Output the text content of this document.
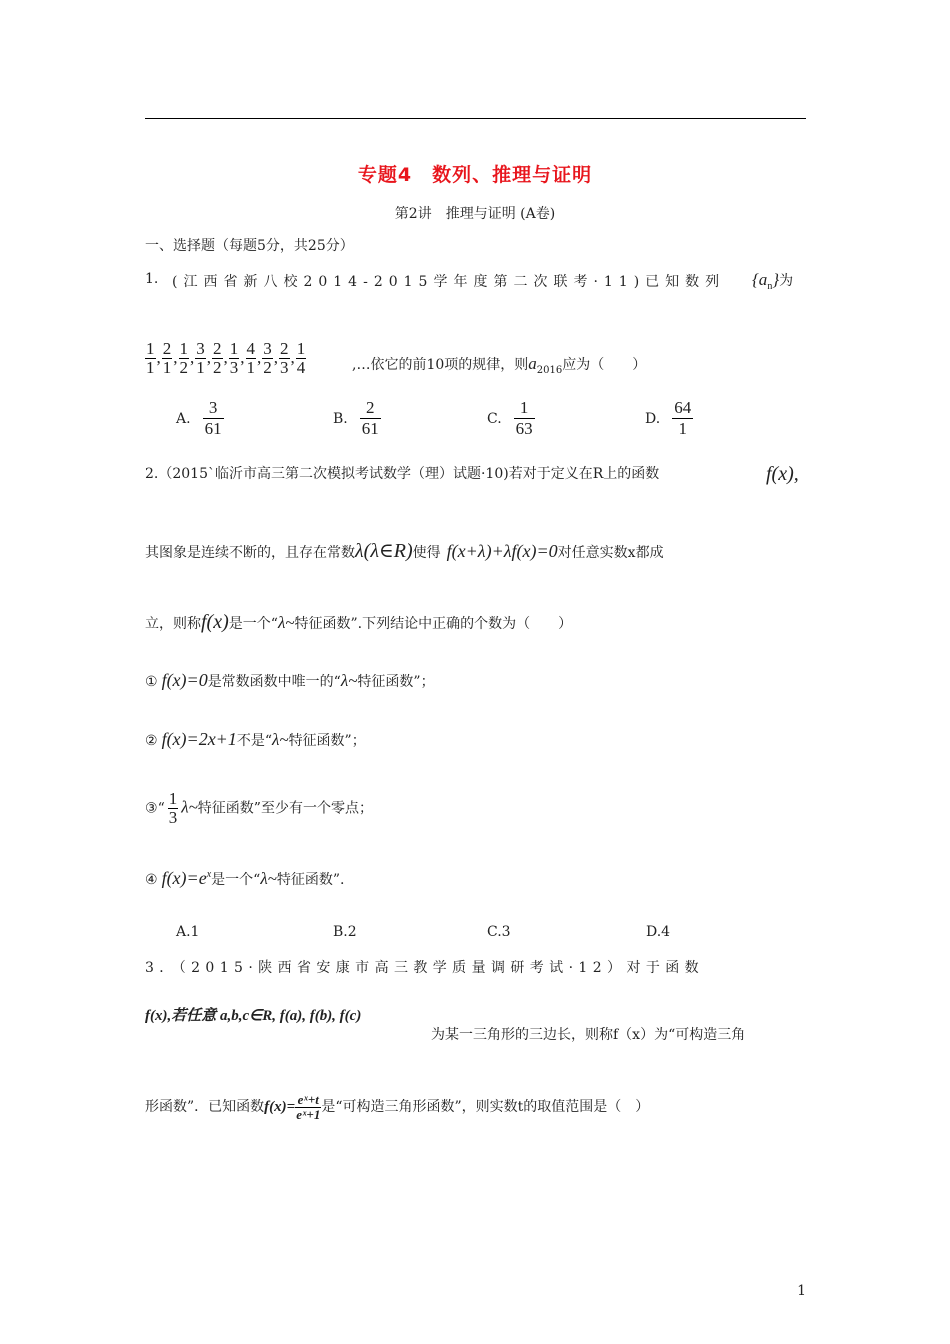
专题4　数列、推理与证明
第2讲　推理与证明 (A卷)
一、选择题（每题5分，共25分）
1. (江西省新八校2014-2015学年度第二次联考·11)已知数列 $\{a_n\}$为
$\frac{1}{1}$ , $\frac{2}{1}$ , $\frac{1}{2}$ , $\frac{3}{1}$ , $\frac{2}{2}$ , $\frac{1}{3}$ , $\frac{4}{1}$ , $\frac{3}{2}$ , $\frac{2}{3}$ , $\frac{1}{4}$	,…依它的前10项的规律，则$a_{2016}$应为（　　）
A. $\frac{3}{61}$	B. $\frac{2}{61}$	C. $\frac{1}{63}$	D. $\frac{64}{1}$
2.（2015`临沂市高三第二次模拟考试数学（理）试题·10)若对于定义在R上的函数	f(x),
其图象是连续不断的，且存在常数λ(λ∈R)使得 f(x+λ)+λf(x)=0对任意实数x都成
立，则称f(x)是一个“λ~特征函数”.下列结论中正确的个数为（　　）
① f(x)=0是常数函数中唯一的“λ~特征函数”；
② f(x)=2x+1不是“λ~特征函数”；
③“ $\frac{1}{3}$ λ~特征函数”至少有一个零点；
④ $f(x)=e^x$是一个“λ~特征函数”.
A.1	B.2	C.3	D.4
3．（2015·陕西省安康市高三教学质量调研考试·12）对于函数
f(x),若任意 a,b,c∈R, f(a), f(b), f(c)
为某一三角形的三边长，则称f（x）为“可构造三角
形函数”．已知函数$f(x)= \frac{\text{eˣ+t}}{\text{eˣ+1}}$ 是“可构造三角形函数”，则实数t的取值范围是（　）
1
